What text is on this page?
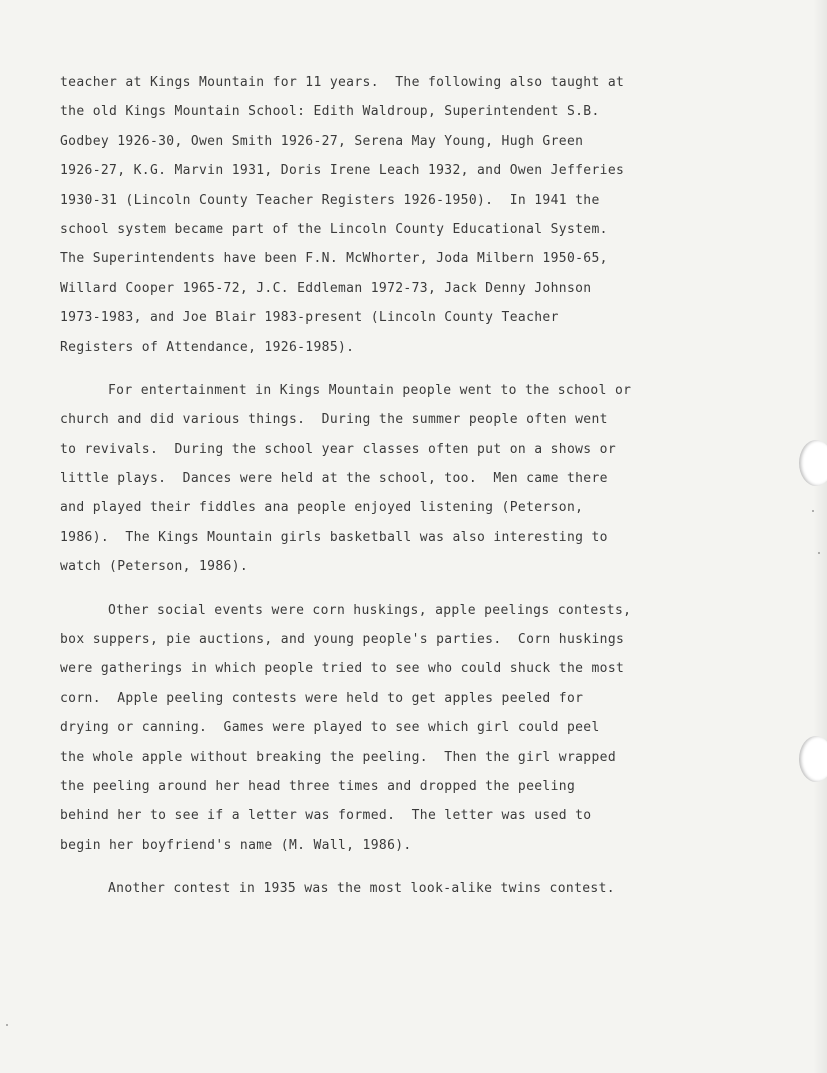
teacher at Kings Mountain for 11 years.  The following also taught at
the old Kings Mountain School: Edith Waldroup, Superintendent S.B.
Godbey 1926-30, Owen Smith 1926-27, Serena May Young, Hugh Green
1926-27, K.G. Marvin 1931, Doris Irene Leach 1932, and Owen Jefferies
1930-31 (Lincoln County Teacher Registers 1926-1950).  In 1941 the
school system became part of the Lincoln County Educational System.
The Superintendents have been F.N. McWhorter, Joda Milbern 1950-65,
Willard Cooper 1965-72, J.C. Eddleman 1972-73, Jack Denny Johnson
1973-1983, and Joe Blair 1983-present (Lincoln County Teacher
Registers of Attendance, 1926-1985).

For entertainment in Kings Mountain people went to the school or
church and did various things.  During the summer people often went
to revivals.  During the school year classes often put on a shows or
little plays.  Dances were held at the school, too.  Men came there
and played their fiddles ana people enjoyed listening (Peterson,
1986).  The Kings Mountain girls basketball was also interesting to
watch (Peterson, 1986).

Other social events were corn huskings, apple peelings contests,
box suppers, pie auctions, and young people's parties.  Corn huskings
were gatherings in which people tried to see who could shuck the most
corn.  Apple peeling contests were held to get apples peeled for
drying or canning.  Games were played to see which girl could peel
the whole apple without breaking the peeling.  Then the girl wrapped
the peeling around her head three times and dropped the peeling
behind her to see if a letter was formed.  The letter was used to
begin her boyfriend's name (M. Wall, 1986).

Another contest in 1935 was the most look-alike twins contest.
